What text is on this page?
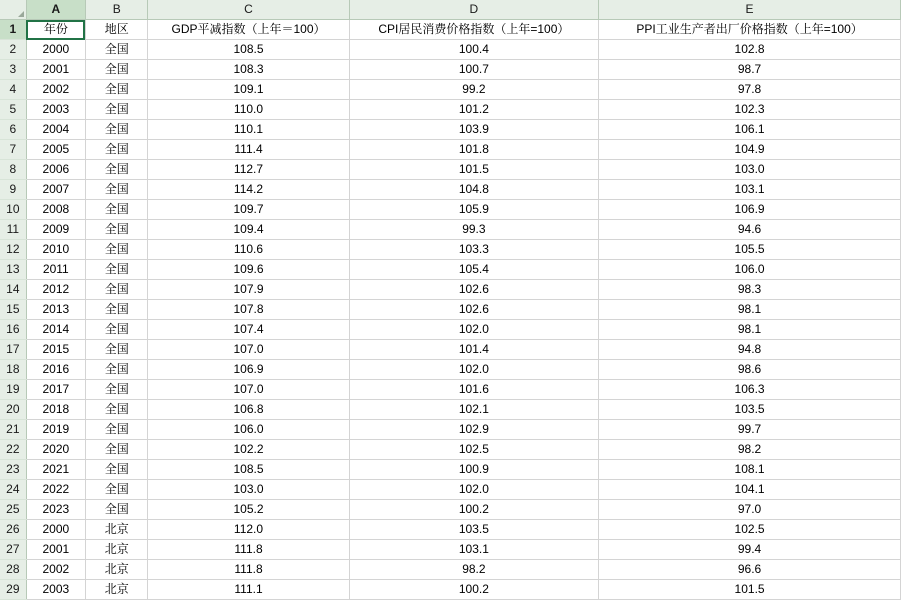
	A	B	C	D	E
1	年份	地区	GDP平减指数（上年＝100）	CPI居民消费价格指数（上年=100）	PPI工业生产者出厂价格指数（上年=100）
2	2000	全国	108.5	100.4	102.8
3	2001	全国	108.3	100.7	98.7
4	2002	全国	109.1	99.2	97.8
5	2003	全国	110.0	101.2	102.3
6	2004	全国	110.1	103.9	106.1
7	2005	全国	111.4	101.8	104.9
8	2006	全国	112.7	101.5	103.0
9	2007	全国	114.2	104.8	103.1
10	2008	全国	109.7	105.9	106.9
11	2009	全国	109.4	99.3	94.6
12	2010	全国	110.6	103.3	105.5
13	2011	全国	109.6	105.4	106.0
14	2012	全国	107.9	102.6	98.3
15	2013	全国	107.8	102.6	98.1
16	2014	全国	107.4	102.0	98.1
17	2015	全国	107.0	101.4	94.8
18	2016	全国	106.9	102.0	98.6
19	2017	全国	107.0	101.6	106.3
20	2018	全国	106.8	102.1	103.5
21	2019	全国	106.0	102.9	99.7
22	2020	全国	102.2	102.5	98.2
23	2021	全国	108.5	100.9	108.1
24	2022	全国	103.0	102.0	104.1
25	2023	全国	105.2	100.2	97.0
26	2000	北京	112.0	103.5	102.5
27	2001	北京	111.8	103.1	99.4
28	2002	北京	111.8	98.2	96.6
29	2003	北京	111.1	100.2	101.5
